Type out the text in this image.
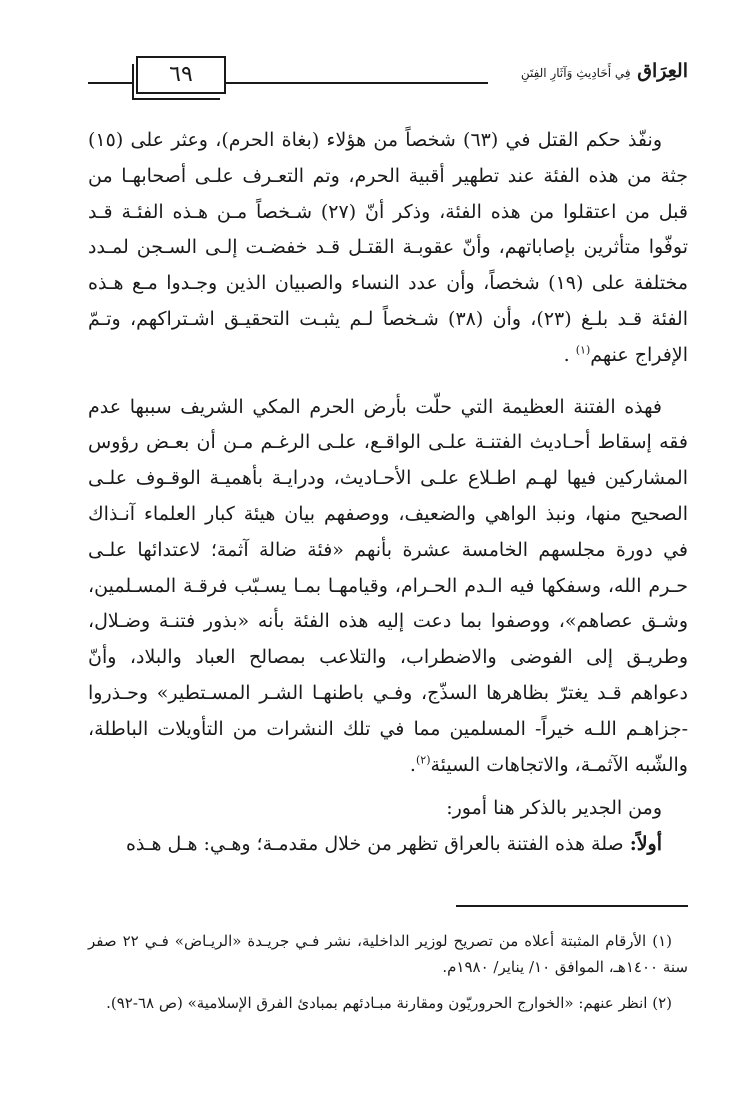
٦٩	العِرَاق فِي أَحَادِيثِ وَآثَارِ الفِتَنِ

ونفّذ حكم القتل في (٦٣) شخصاً من هؤلاء (بغاة الحرم)، وعثر على (١٥) جثة من هذه الفئة عند تطهير أقبية الحرم، وتم التعـرف علـى أصحابهـا من قبل من اعتقلوا من هذه الفئة، وذكر أنّ (٢٧) شـخصاً مـن هـذه الفئـة قـد توفّوا متأثرين بإصاباتهم، وأنّ عقوبـة القتـل قـد خفضـت إلـى السـجن لمـدد مختلفة على (١٩) شخصاً، وأن عدد النساء والصبيان الذين وجـدوا مـع هـذه الفئة قـد بلـغ (٢٣)، وأن (٣٨) شـخصاً لـم يثبـت التحقيـق اشـتراكهم، وتـمّ الإفراج عنهم$^{(١)}$ .

فهذه الفتنة العظيمة التي حلّت بأرض الحرم المكي الشريف سببها عدم فقه إسقاط أحـاديث الفتنـة علـى الواقـع، علـى الرغـم مـن أن بعـض رؤوس المشاركين فيها لهـم اطـلاع علـى الأحـاديث، ودرايـة بأهميـة الوقـوف علـى الصحيح منها، ونبذ الواهي والضعيف، ووصفهم بيان هيئة كبار العلماء آنـذاك في دورة مجلسهم الخامسة عشرة بأنهم «فئة ضالة آثمة؛ لاعتدائها علـى حـرم الله، وسفكها فيه الـدم الحـرام، وقيامهـا بمـا يسـبّب فرقـة المسـلمين، وشـق عصاهم»، ووصفوا بما دعت إليه هذه الفئة بأنه «بذور فتنـة وضـلال، وطريـق إلى الفوضى والاضطراب، والتلاعب بمصالح العباد والبلاد، وأنّ دعواهم قـد يغترّ بظاهرها السذّج، وفـي باطنهـا الشـر المسـتطير» وحـذروا -جزاهـم اللـه خيراً- المسلمين مما في تلك النشرات من التأويلات الباطلة، والشّبه الآثمـة، والاتجاهات السيئة$^{(٢)}$.

ومن الجدير بالذكر هنا أمور:

أولاً: صلة هذه الفتنة بالعراق تظهر من خلال مقدمـة؛ وهـي: هـل هـذه

(١) الأرقام المثبتة أعلاه من تصريح لوزير الداخلية، نشر فـي جريـدة «الريـاض» فـي ٢٢ صفر سنة ١٤٠٠هـ، الموافق ١٠/ يناير/ ١٩٨٠م.

(٢) انظر عنهم: «الخوارج الحروريّون ومقارنة مبـادئهم بمبادئ الفرق الإسلامية» (ص ٦٨-٩٢).
